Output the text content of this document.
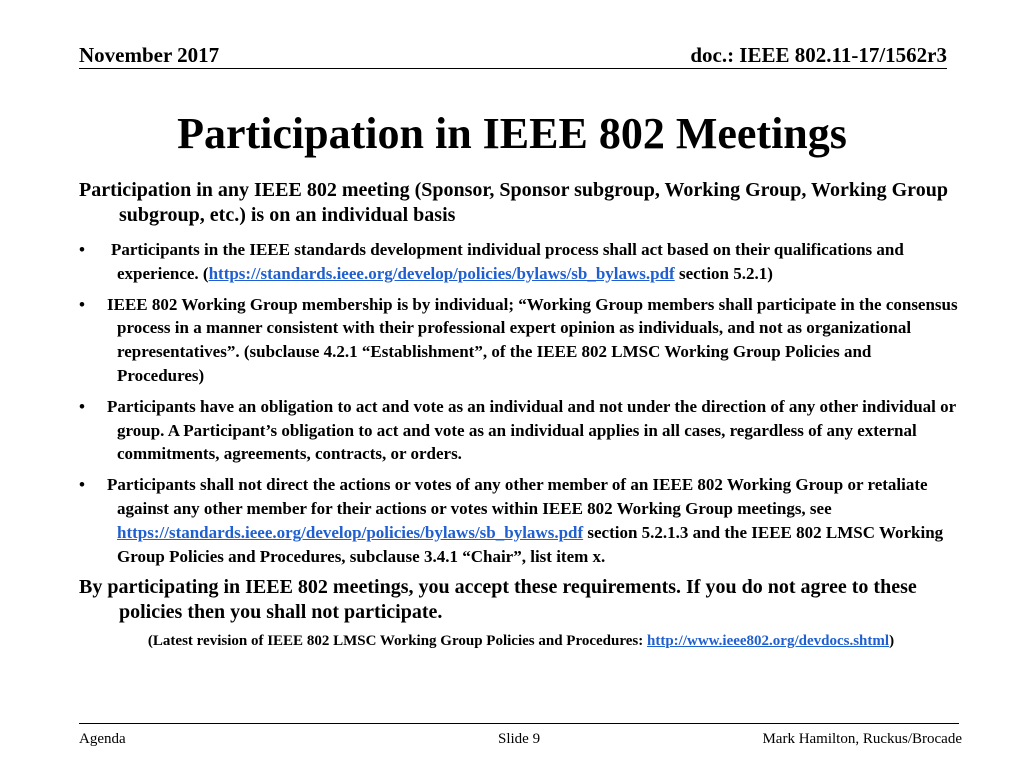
November 2017	doc.: IEEE 802.11-17/1562r3
Participation in IEEE 802 Meetings

Participation in any IEEE 802 meeting (Sponsor, Sponsor subgroup, Working Group, Working Group subgroup, etc.) is on an individual basis

• Participants in the IEEE standards development individual process shall act based on their qualifications and experience. (https://standards.ieee.org/develop/policies/bylaws/sb_bylaws.pdf section 5.2.1)

• IEEE 802 Working Group membership is by individual; “Working Group members shall participate in the consensus process in a manner consistent with their professional expert opinion as individuals, and not as organizational representatives”. (subclause 4.2.1 “Establishment”, of the IEEE 802 LMSC Working Group Policies and Procedures)

• Participants have an obligation to act and vote as an individual and not under the direction of any other individual or group. A Participant’s obligation to act and vote as an individual applies in all cases, regardless of any external commitments, agreements, contracts, or orders.

• Participants shall not direct the actions or votes of any other member of an IEEE 802 Working Group or retaliate against any other member for their actions or votes within IEEE 802 Working Group meetings, see https://standards.ieee.org/develop/policies/bylaws/sb_bylaws.pdf section 5.2.1.3 and the IEEE 802 LMSC Working Group Policies and Procedures, subclause 3.4.1 “Chair”, list item x.

By participating in IEEE 802 meetings, you accept these requirements. If you do not agree to these policies then you shall not participate.

(Latest revision of IEEE 802 LMSC Working Group Policies and Procedures: http://www.ieee802.org/devdocs.shtml)

Agenda	Slide 9	Mark Hamilton, Ruckus/Brocade
